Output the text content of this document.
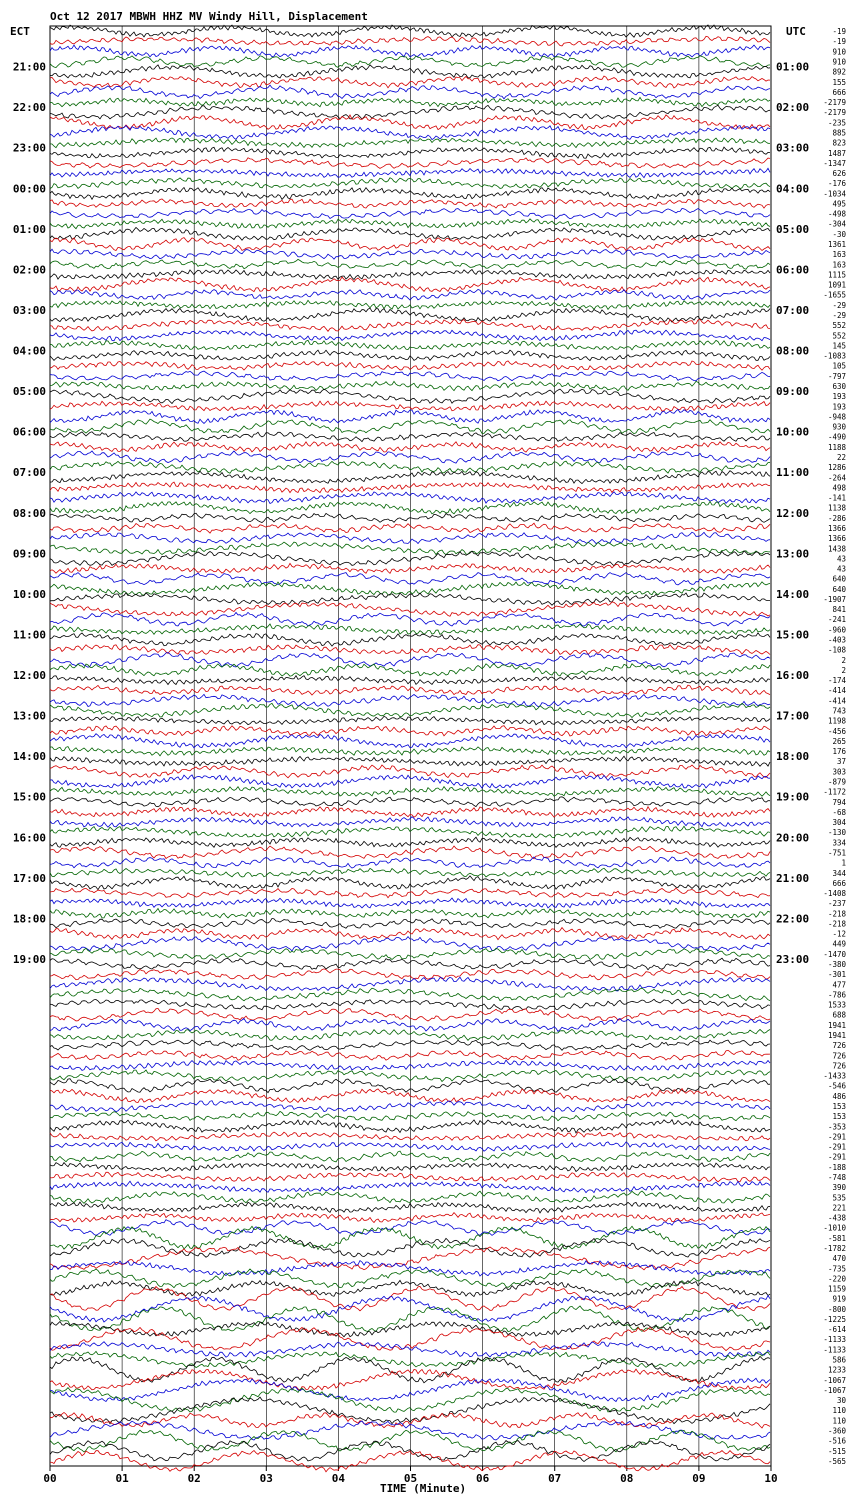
Oct 12 2017 MBWH HHZ MV Windy Hill, Displacement
ECT	UTC
00	01	02	03	04	05	06	07	08	09	10
-19
-19
910
910
892
155
666
-2179
-2179
-235
885
823
1487
-1347
626
-176
-1034
495
-498
-304
-30
1361
163
163
1115
1091
-1655
-29
-29
552
552
145
-1083
105
-797
630
193
193
-948
930
-490
1188
22
1286
-264
498
-141
1138
-286
1366
1366
1438
43
43
640
640
-1907
841
-241
-960
-403
-108
2
2
-174
-414
-414
743
1198
-456
265
176
37
303
-879
-1172
794
-68
304
-130
334
-751
1
344
666
-1408
-237
-218
-218
-12
449
-1470
-380
-301
477
-786
1533
688
1941
1941
726
726
726
-1433
-546
486
153
153
-353
-291
-291
-291
-188
-748
390
535
221
-438
-1010
-581
-1782
470
-735
-220
1159
919
-800
-1225
-614
-1133
-1133
586
1233
-1067
-1067
30
110
110
-360
-516
-515
-565
21:00
22:00
23:00
00:00
01:00
02:00
03:00
04:00
05:00
06:00
07:00
08:00
09:00
10:00
11:00
12:00
13:00
14:00
15:00
16:00
17:00
18:00
19:00
01:00
02:00
03:00
04:00
05:00
06:00
07:00
08:00
09:00
10:00
11:00
12:00
13:00
14:00
15:00
16:00
17:00
18:00
19:00
20:00
21:00
22:00
23:00
TIME (Minute)
